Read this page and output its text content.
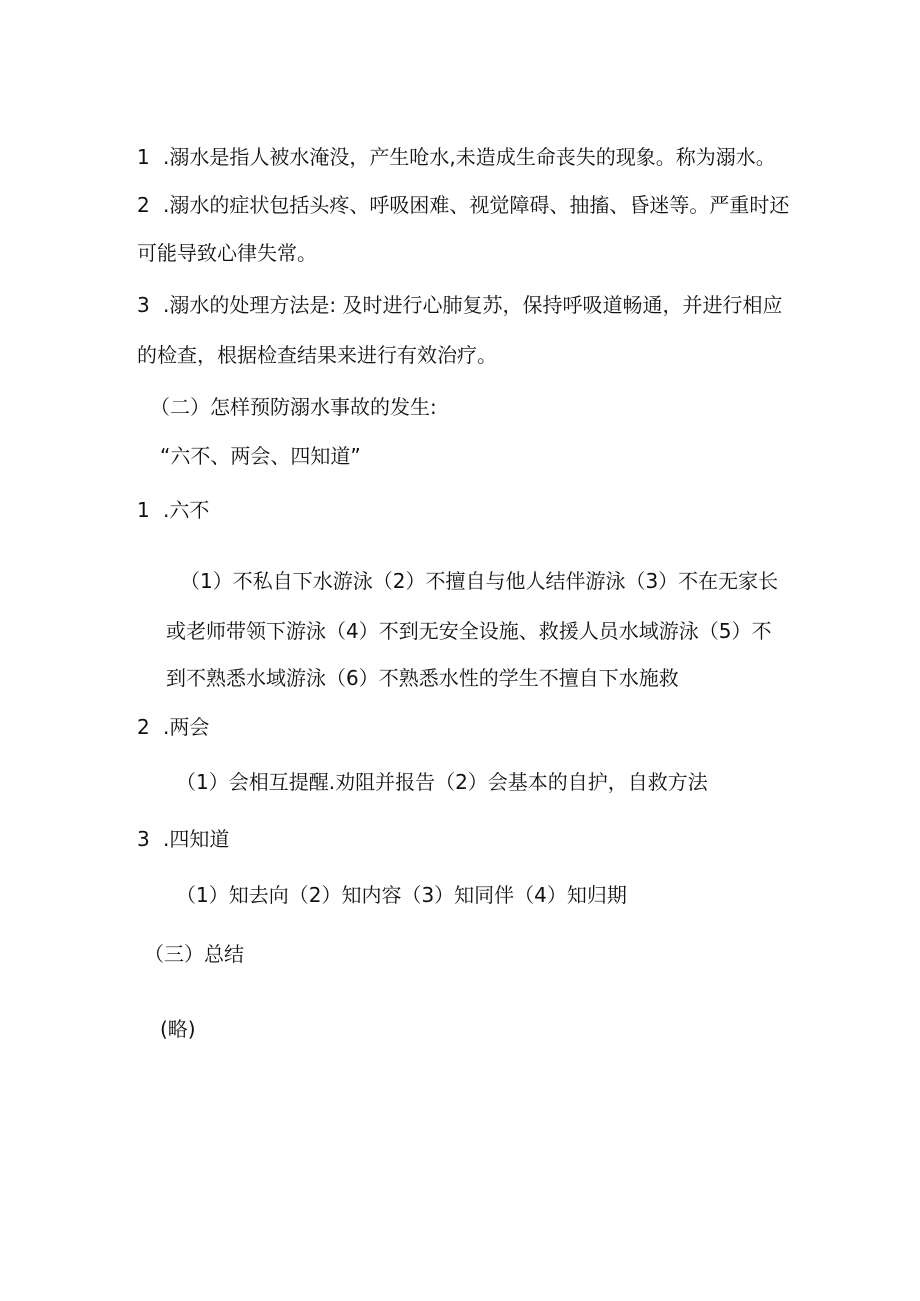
1 .溺水是指人被水淹没，产生呛水,未造成生命丧失的现象。称为溺水。

2 .溺水的症状包括头疼、呼吸困难、视觉障碍、抽搐、昏迷等。严重时还

可能导致心律失常。

3 .溺水的处理方法是: 及时进行心肺复苏，保持呼吸道畅通，并进行相应

的检查，根据检查结果来进行有效治疗。

（二）怎样预防溺水事故的发生:

“六不、两会、四知道”

1 .六不

（1）不私自下水游泳（2）不擅自与他人结伴游泳（3）不在无家长

或老师带领下游泳（4）不到无安全设施、救援人员水域游泳（5）不

到不熟悉水域游泳（6）不熟悉水性的学生不擅自下水施救

2 .两会

（1）会相互提醒.劝阻并报告（2）会基本的自护，自救方法

3 .四知道

（1）知去向（2）知内容（3）知同伴（4）知归期

（三）总结

(略)
